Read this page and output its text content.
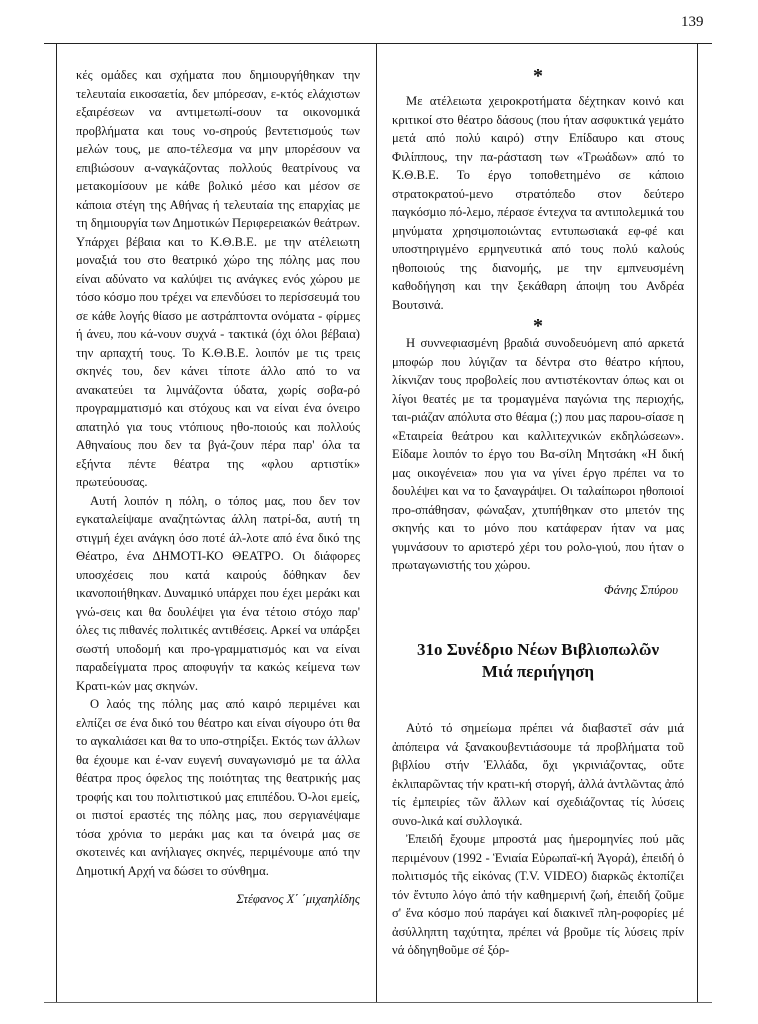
139

κές ομάδες και σχήματα που δημιουργήθηκαν την τελευταία εικοσαετία, δεν μπόρεσαν, ε-κτός ελάχιστων εξαιρέσεων να αντιμετωπί-σουν τα οικονομικά προβλήματα και τους νο-σηρούς βεντετισμούς των μελών τους, με απο-τέλεσμα να μην μπορέσουν να επιβιώσουν α-ναγκάζοντας πολλούς θεατρίνους να μετακομίσουν με κάθε βολικό μέσο και μέσον σε κάποια στέγη της Αθήνας ή τελευταία της επαρχίας με τη δημιουργία των Δημοτικών Περιφερειακών θεάτρων. Υπάρχει βέβαια και το Κ.Θ.Β.Ε. με την ατέλειωτη μοναξιά του στο θεατρικό χώρο της πόλης μας που είναι αδύνατο να καλύψει τις ανάγκες ενός χώρου με τόσο κόσμο που τρέχει να επενδύσει το περίσσευμά του σε κάθε λογής θίασο με αστράπτοντα ονόματα - φίρμες ή άνευ, που κά-νουν συχνά - τακτικά (όχι όλοι βέβαια) την αρπαχτή τους. Το Κ.Θ.Β.Ε. λοιπόν με τις τρεις σκηνές του, δεν κάνει τίποτε άλλο από το να ανακατεύει τα λιμνάζοντα ύδατα, χωρίς σοβα-ρό προγραμματισμό και στόχους και να είναι ένα όνειρο απατηλό για τους ντόπιους ηθο-ποιούς και πολλούς Αθηναίους που δεν τα βγά-ζουν πέρα παρ' όλα τα εξήντα πέντε θέατρα της «φλου αρτιστίκ» πρωτεύουσας.

Αυτή λοιπόν η πόλη, ο τόπος μας, που δεν τον εγκαταλείψαμε αναζητώντας άλλη πατρί-δα, αυτή τη στιγμή έχει ανάγκη όσο ποτέ άλ-λοτε από ένα δικό της Θέατρο, ένα ΔΗΜΟΤΙ-ΚΟ ΘΕΑΤΡΟ. Οι διάφορες υποσχέσεις που κατά καιρούς δόθηκαν δεν ικανοποιήθηκαν. Δυναμικό υπάρχει που έχει μεράκι και γνώ-σεις και θα δουλέψει για ένα τέτοιο στόχο παρ' όλες τις πιθανές πολιτικές αντιθέσεις. Αρκεί να υπάρξει σωστή υποδομή και προ-γραμματισμός και να είναι παραδείγματα προς αποφυγήν τα κακώς κείμενα των Κρατι-κών μας σκηνών.

Ο λαός της πόλης μας από καιρό περιμένει και ελπίζει σε ένα δικό του θέατρο και είναι σίγουρο ότι θα το αγκαλιάσει και θα το υπο-στηρίξει. Εκτός των άλλων θα έχουμε και έ-ναν ευγενή συναγωνισμό με τα άλλα θέατρα προς όφελος της ποιότητας της θεατρικής μας τροφής και του πολιτιστικού μας επιπέδου. Ό-λοι εμείς, οι πιστοί εραστές της πόλης μας, που σεργιανέψαμε τόσα χρόνια το μεράκι μας και τα όνειρά μας σε σκοτεινές και ανήλιαγες σκηνές, περιμένουμε από την Δημοτική Αρχή να δώσει το σύνθημα.

Στέφανος Χ΄ ΄μιχαηλίδης
*

Με ατέλειωτα χειροκροτήματα δέχτηκαν κοινό και κριτικοί στο θέατρο δάσους (που ήταν ασφυκτικά γεμάτο μετά από πολύ καιρό) στην Επίδαυρο και στους Φιλίππους, την πα-ράσταση των «Τρωάδων» από το Κ.Θ.Β.Ε. Το έργο τοποθετημένο σε κάποιο στρατοκρατού-μενο στρατόπεδο στον δεύτερο παγκόσμιο πό-λεμο, πέρασε έντεχνα τα αντιπολεμικά του μηνύματα χρησιμοποιώντας εντυπωσιακά εφ-φέ και υποστηριγμένο ερμηνευτικά από τους πολύ καλούς ηθοποιούς της διανομής, με την εμπνευσμένη καθοδήγηση και την ξεκάθαρη άποψη του Ανδρέα Βουτσινά.

*

Η συννεφιασμένη βραδιά συνοδευόμενη από αρκετά μποφώρ που λύγιζαν τα δέντρα στο θέατρο κήπου, λίκνιζαν τους προβολείς που αντιστέκονταν όπως και οι λίγοι θεατές με τα τρομαγμένα παγώνια της περιοχής, ται-ριάζαν απόλυτα στο θέαμα (;) που μας παρου-σίασε η «Εταιρεία θεάτρου και καλλιτεχνικών εκδηλώσεων». Είδαμε λοιπόν το έργο του Βα-σίλη Μητσάκη «Η δική μας οικογένεια» που για να γίνει έργο πρέπει να το δουλέψει και να το ξαναγράψει. Οι ταλαίπωροι ηθοποιοί προ-σπάθησαν, φώναξαν, χτυπήθηκαν στο μπετόν της σκηνής και το μόνο που κατάφεραν ήταν να μας γυμνάσουν το αριστερό χέρι του ρολο-γιού, που ήταν ο πρωταγωνιστής του χώρου.

Φάνης Σπύρου
31ο Συνέδριο Νέων Βιβλιοπωλῶν
Μιά περιήγηση

Αὐτό τό σημείωμα πρέπει νά διαβαστεῖ σάν μιά ἀπόπειρα νά ξανακουβεντιάσουμε τά προβλήματα τοῦ βιβλίου στήν Ἑλλάδα, ὄχι γκρινιάζοντας, οὔτε ἐκλιπαρῶντας τήν κρατι-κή στοργή, ἀλλά ἀντλῶντας ἀπό τίς ἐμπειρίες τῶν ἄλλων καί σχεδιάζοντας τίς λύσεις συνο-λικά καί συλλογικά.

Ἐπειδή ἔχουμε μπροστά μας ἡμερομηνίες πού μᾶς περιμένουν (1992 - Ἑνιαία Εὐρωπαϊ-κή Ἀγορά), ἐπειδή ὁ πολιτισμός τῆς εἰκόνας (T.V. VIDEO) διαρκῶς ἐκτοπίζει τόν ἔντυπο λόγο ἀπό τήν καθημερινή ζωή, ἐπειδή ζοῦμε σ' ἕνα κόσμο πού παράγει καί διακινεῖ πλη-ροφορίες μέ ἀσύλληπτη ταχύτητα, πρέπει νά βροῦμε τίς λύσεις πρίν νά ὁδηγηθοῦμε σέ ξόρ-
